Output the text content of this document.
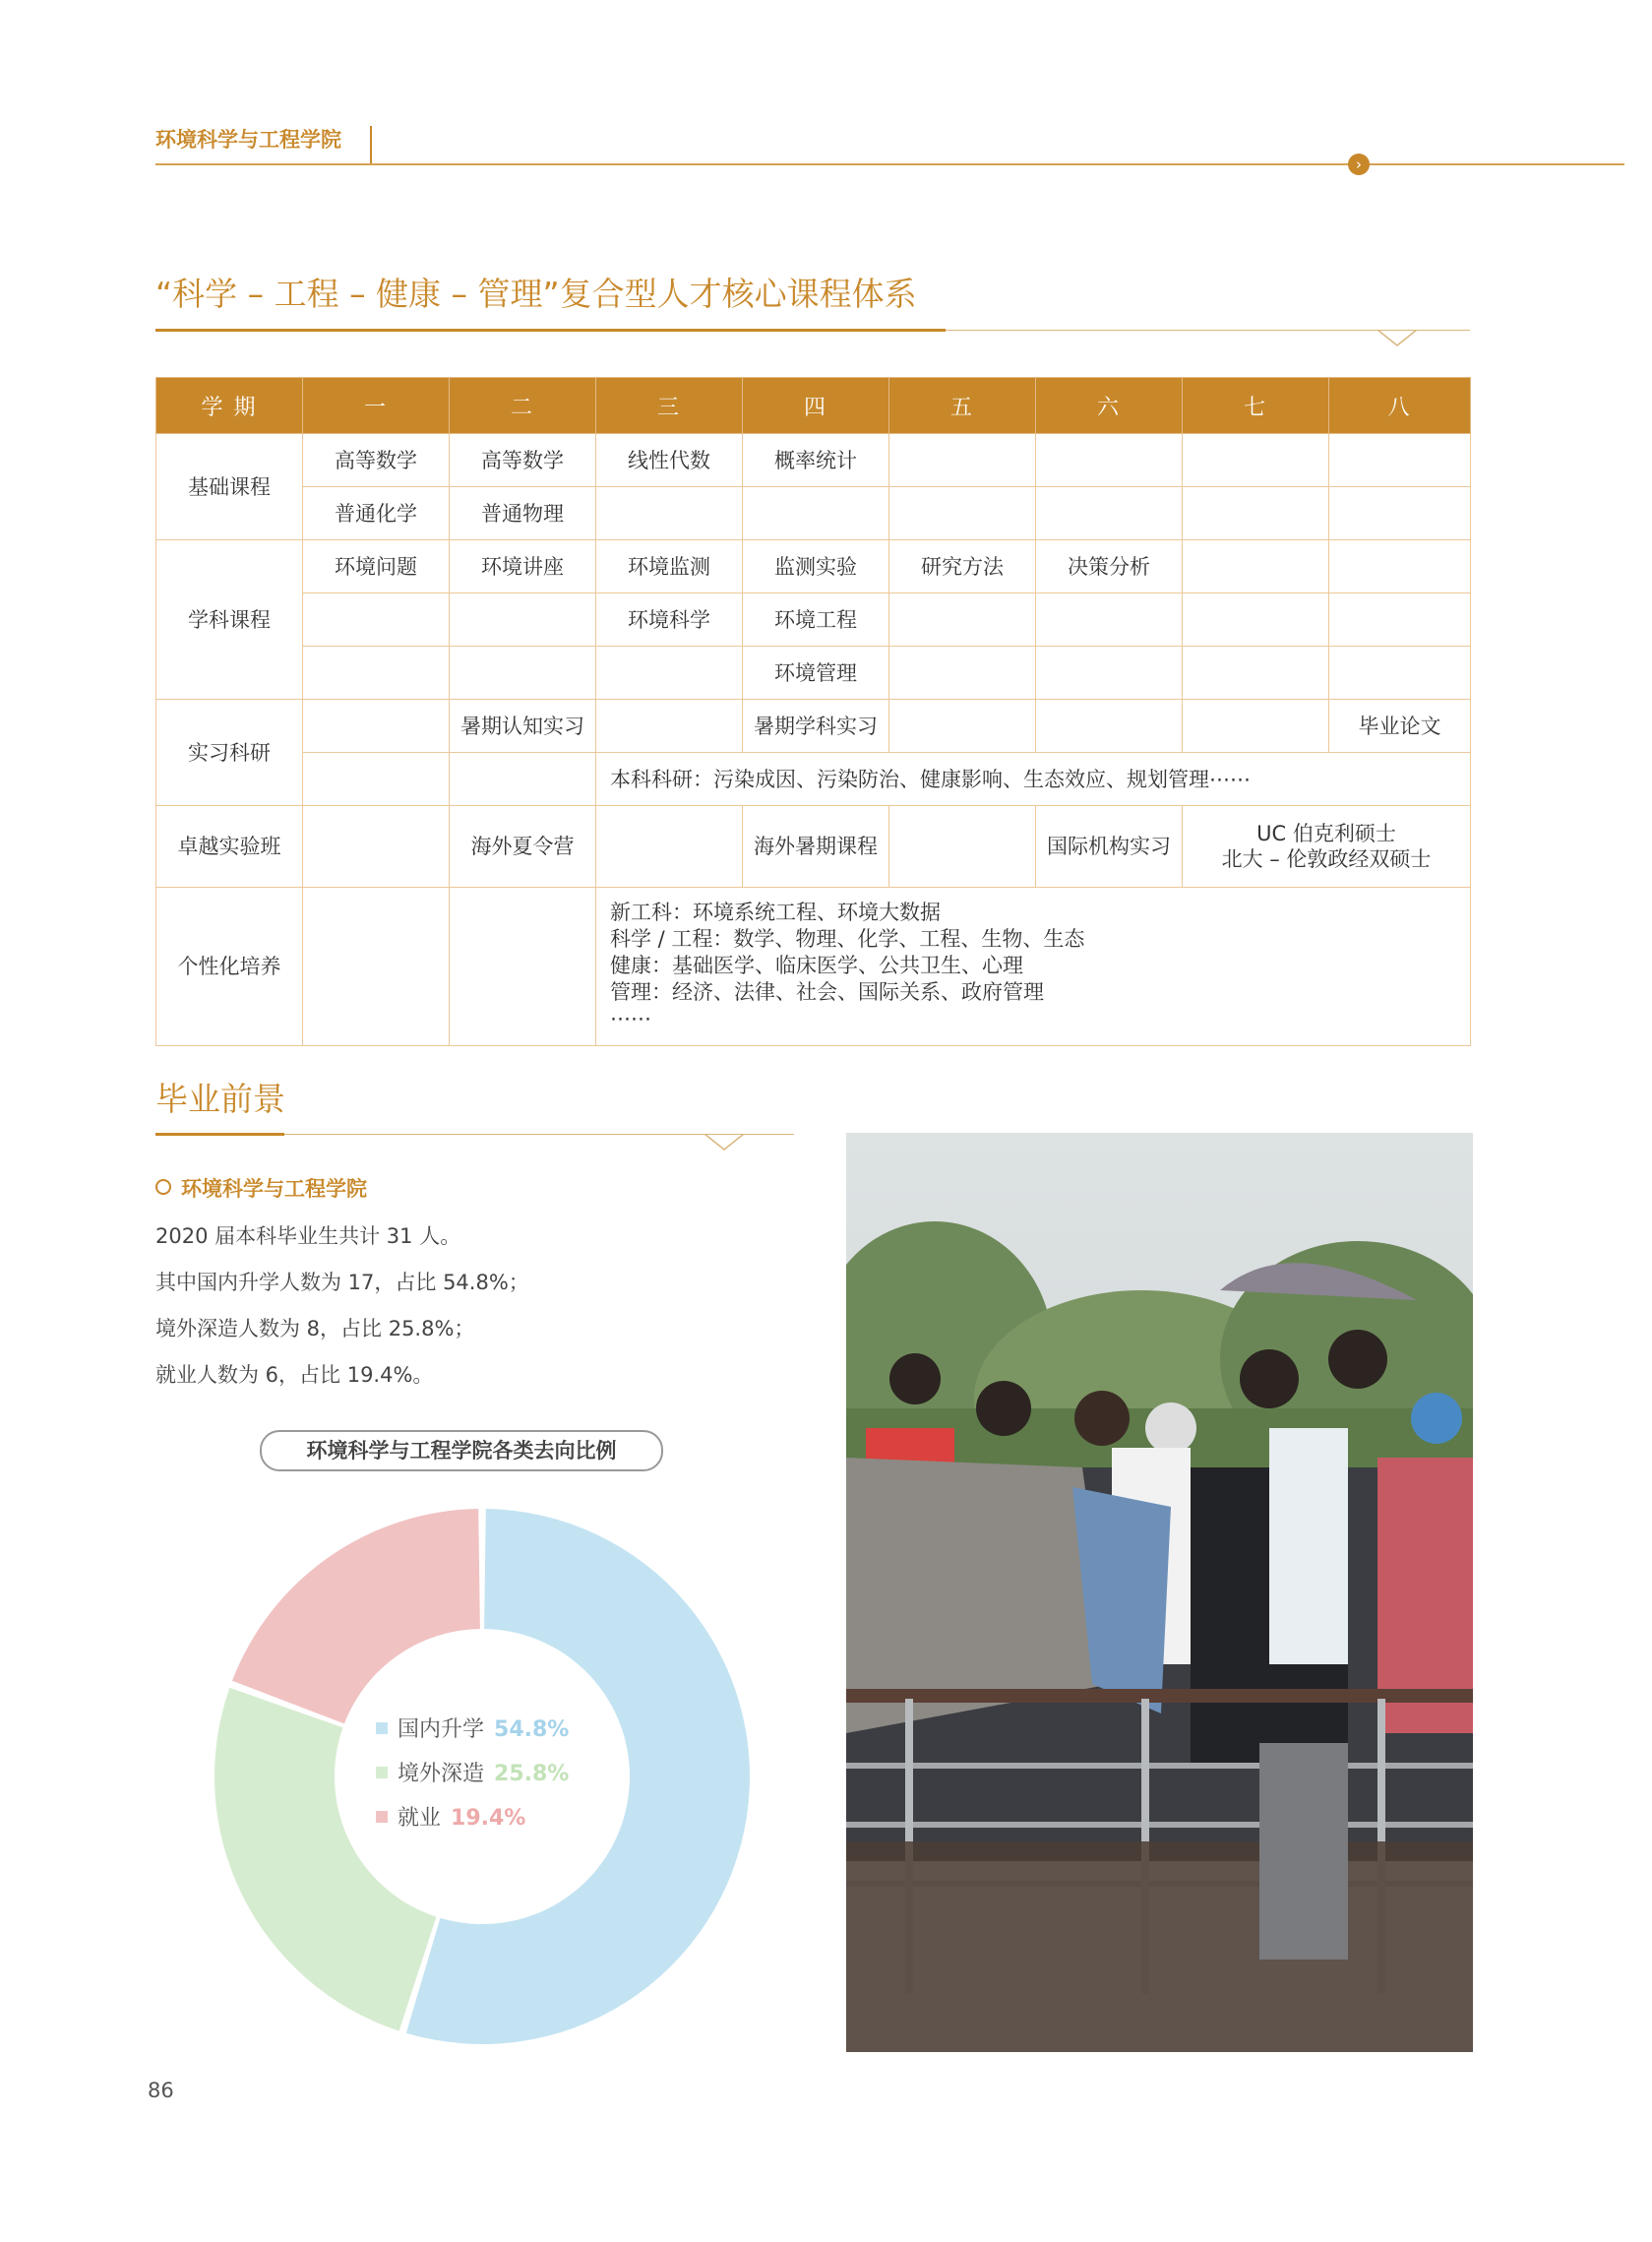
环境科学与工程学院
›
“科学 – 工程 – 健康 – 管理”复合型人才核心课程体系
学 期	一	二	三	四	五	六	七	八
基础课程	高等数学	高等数学	线性代数	概率统计				
	普通化学	普通物理						
学科课程	环境问题	环境讲座	环境监测	监测实验	研究方法	决策分析		
			环境科学	环境工程				
				环境管理				
实习科研		暑期认知实习		暑期学科实习				毕业论文
			本科科研：污染成因、污染防治、健康影响、生态效应、规划管理⋯⋯					
卓越实验班		海外夏令营		海外暑期课程		国际机构实习	UC 伯克利硕士
北大 – 伦敦政经双硕士	

个性化培养			新工科：环境系统工程、环境大数据
科学 / 工程：数学、物理、化学、工程、生物、生态
健康：基础医学、临床医学、公共卫生、心理
管理：经济、法律、社会、国际关系、政府管理
⋯⋯					
毕业前景
环境科学与工程学院
2020 届本科毕业生共计 31 人。
其中国内升学人数为 17，占比 54.8%；
境外深造人数为 8，占比 25.8%；
就业人数为 6，占比 19.4%。
环境科学与工程学院各类去向比例
国内升学 54.8%
境外深造 25.8%
就业 19.4%
86
